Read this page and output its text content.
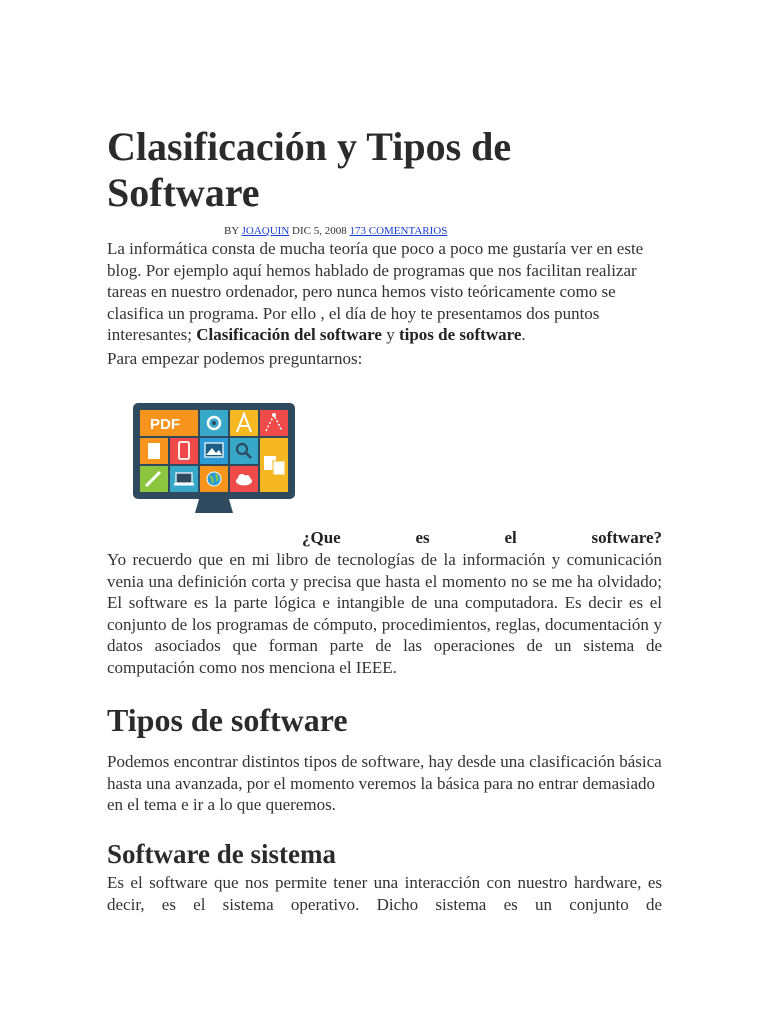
Clasificación y Tipos de Software
BY JOAQUIN DIC 5, 2008 173 COMENTARIOS

La informática consta de mucha teoría que poco a poco me gustaría ver en este blog. Por ejemplo aquí hemos hablado de programas que nos facilitan realizar tareas en nuestro ordenador, pero nunca hemos visto teóricamente como se clasifica un programa. Por ello , el día de hoy te presentamos dos puntos interesantes; Clasificación del software y tipos de software.

Para empezar podemos preguntarnos:

PDF
¿Que	es	el	software?

Yo recuerdo que en mi libro de tecnologías de la información y comunicación venia una definición corta y precisa que hasta el momento no se me ha olvidado; El software es la parte lógica e intangible de una computadora. Es decir es el conjunto de los programas de cómputo, procedimientos, reglas, documentación y datos asociados que forman parte de las operaciones de un sistema de computación como nos menciona el IEEE.

Tipos de software

Podemos encontrar distintos tipos de software, hay desde una clasificación básica hasta una avanzada, por el momento veremos la básica para no entrar demasiado en el tema e ir a lo que queremos.

Software de sistema

Es el software que nos permite tener una interacción con nuestro hardware, es decir, es el sistema operativo. Dicho sistema es un conjunto de
